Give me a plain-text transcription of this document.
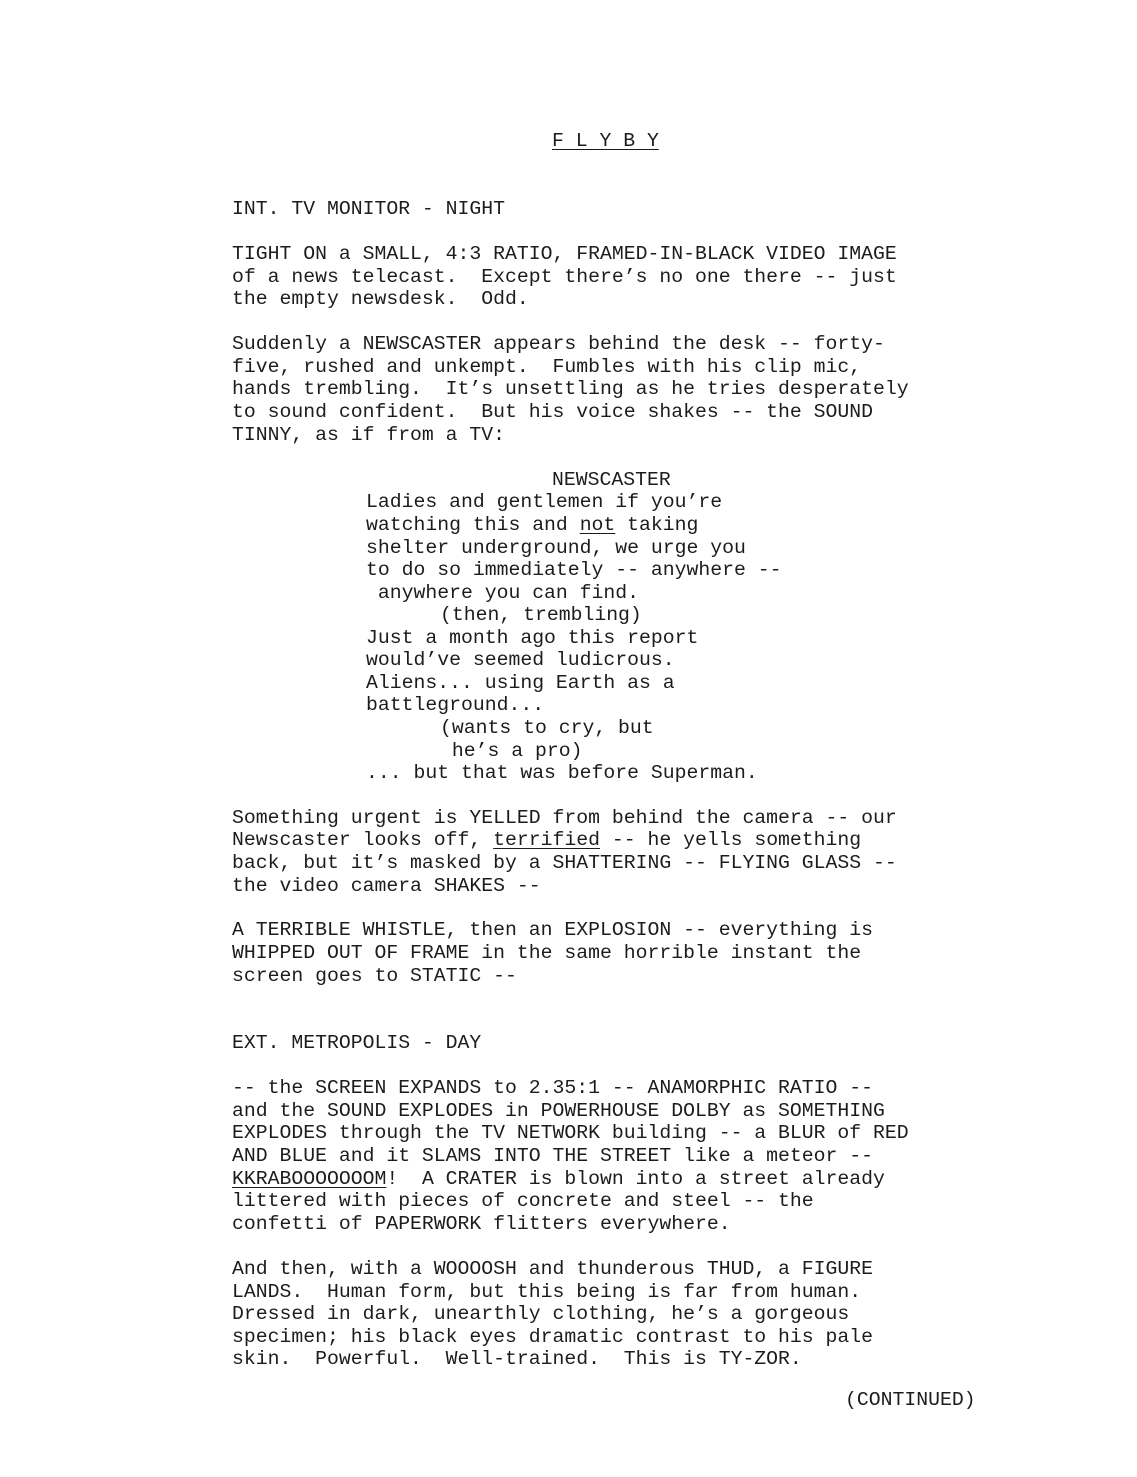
F L Y B Y
INT. TV MONITOR - NIGHT
TIGHT ON a SMALL, 4:3 RATIO, FRAMED-IN-BLACK VIDEO IMAGE
of a news telecast.  Except there’s no one there -- just
the empty newsdesk.  Odd.
Suddenly a NEWSCASTER appears behind the desk -- forty-
five, rushed and unkempt.  Fumbles with his clip mic,
hands trembling.  It’s unsettling as he tries desperately
to sound confident.  But his voice shakes -- the SOUND
TINNY, as if from a TV:
NEWSCASTER
Ladies and gentlemen if you’re
watching this and not taking
shelter underground, we urge you
to do so immediately -- anywhere --
anywhere you can find.
(then, trembling)
Just a month ago this report
would’ve seemed ludicrous.
Aliens... using Earth as a
battleground...
(wants to cry, but
he’s a pro)
... but that was before Superman.
Something urgent is YELLED from behind the camera -- our
Newscaster looks off, terrified -- he yells something
back, but it’s masked by a SHATTERING -- FLYING GLASS --
the video camera SHAKES --
A TERRIBLE WHISTLE, then an EXPLOSION -- everything is
WHIPPED OUT OF FRAME in the same horrible instant the
screen goes to STATIC --
EXT. METROPOLIS - DAY
-- the SCREEN EXPANDS to 2.35:1 -- ANAMORPHIC RATIO --
and the SOUND EXPLODES in POWERHOUSE DOLBY as SOMETHING
EXPLODES through the TV NETWORK building -- a BLUR of RED
AND BLUE and it SLAMS INTO THE STREET like a meteor --
KKRABOOOOOOOM!  A CRATER is blown into a street already
littered with pieces of concrete and steel -- the
confetti of PAPERWORK flitters everywhere.
And then, with a WOOOOSH and thunderous THUD, a FIGURE
LANDS.  Human form, but this being is far from human.
Dressed in dark, unearthly clothing, he’s a gorgeous
specimen; his black eyes dramatic contrast to his pale
skin.  Powerful.  Well-trained.  This is TY-ZOR.
(CONTINUED)
